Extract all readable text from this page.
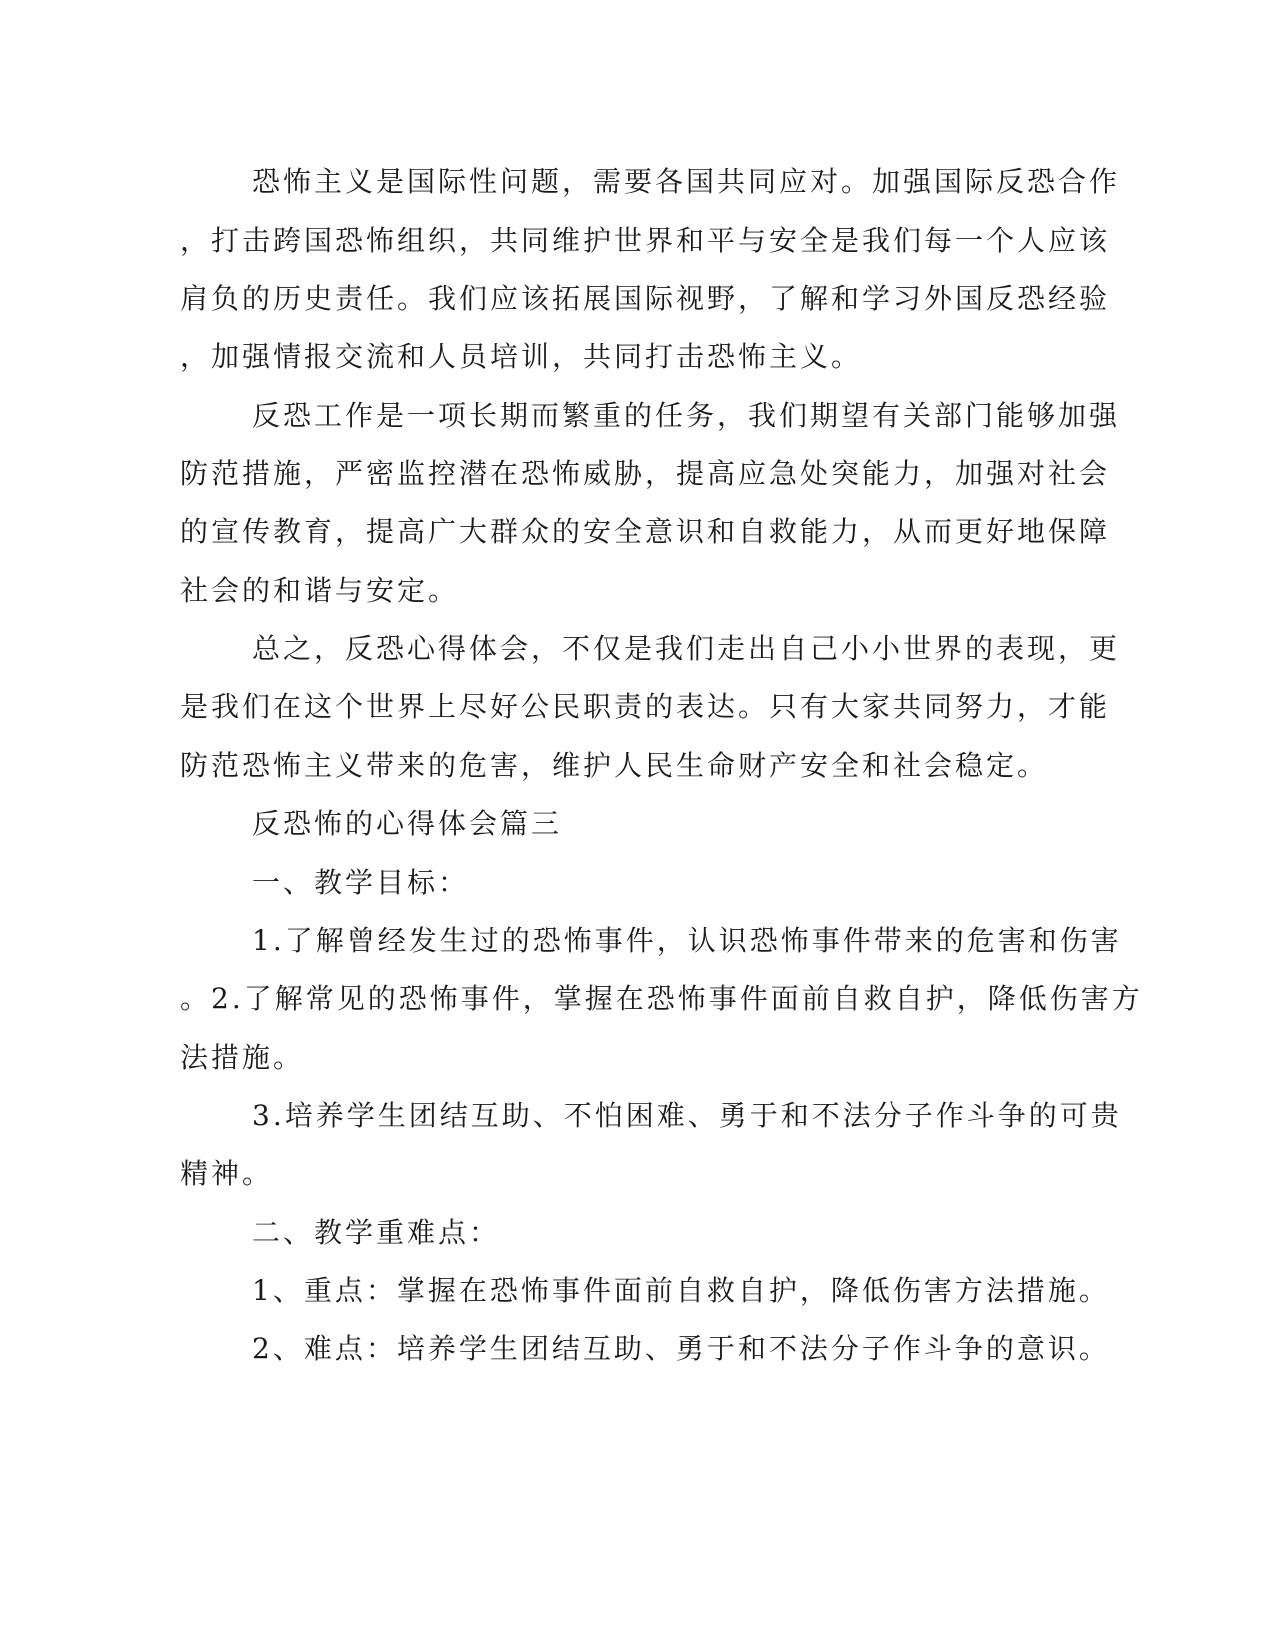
恐怖主义是国际性问题，需要各国共同应对。加强国际反恐合作

，打击跨国恐怖组织，共同维护世界和平与安全是我们每一个人应该

肩负的历史责任。我们应该拓展国际视野，了解和学习外国反恐经验

，加强情报交流和人员培训，共同打击恐怖主义。

反恐工作是一项长期而繁重的任务，我们期望有关部门能够加强

防范措施，严密监控潜在恐怖威胁，提高应急处突能力，加强对社会

的宣传教育，提高广大群众的安全意识和自救能力，从而更好地保障

社会的和谐与安定。

总之，反恐心得体会，不仅是我们走出自己小小世界的表现，更

是我们在这个世界上尽好公民职责的表达。只有大家共同努力，才能

防范恐怖主义带来的危害，维护人民生命财产安全和社会稳定。

反恐怖的心得体会篇三

一、教学目标：

1.了解曾经发生过的恐怖事件，认识恐怖事件带来的危害和伤害

。2.了解常见的恐怖事件，掌握在恐怖事件面前自救自护，降低伤害方

法措施。

3.培养学生团结互助、不怕困难、勇于和不法分子作斗争的可贵

精神。

二、教学重难点：

1、重点：掌握在恐怖事件面前自救自护，降低伤害方法措施。

2、难点：培养学生团结互助、勇于和不法分子作斗争的意识。
